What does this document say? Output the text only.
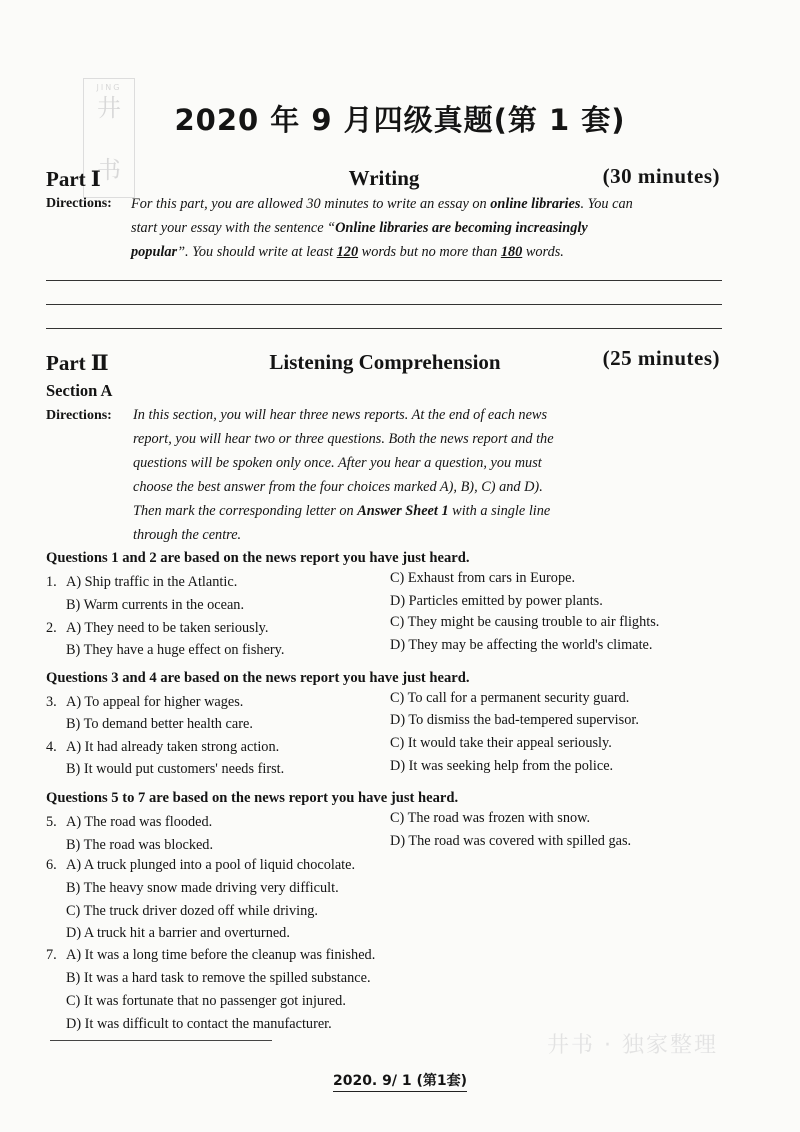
JING
井
书
2020 年 9 月四级真题(第 1 套)
Part Ⅰ	Writing	(30 minutes)
Directions: For this part, you are allowed 30 minutes to write an essay on online libraries. You can
start your essay with the sentence “Online libraries are becoming increasingly
popular”. You should write at least 120 words but no more than 180 words.
Part Ⅱ	Listening Comprehension	(25 minutes)
Section A
Directions: In this section, you will hear three news reports. At the end of each news
report, you will hear two or three questions. Both the news report and the
questions will be spoken only once. After you hear a question, you must
choose the best answer from the four choices marked A), B), C) and D).
Then mark the corresponding letter on Answer Sheet 1 with a single line
through the centre.
Questions 1 and 2 are based on the news report you have just heard.
1. A) Ship traffic in the Atlantic.
B) Warm currents in the ocean.
C) Exhaust from cars in Europe.
D) Particles emitted by power plants.
2. A) They need to be taken seriously.
B) They have a huge effect on fishery.
C) They might be causing trouble to air flights.
D) They may be affecting the world's climate.
Questions 3 and 4 are based on the news report you have just heard.
3. A) To appeal for higher wages.
B) To demand better health care.
C) To call for a permanent security guard.
D) To dismiss the bad-tempered supervisor.
4. A) It had already taken strong action.
B) It would put customers' needs first.
C) It would take their appeal seriously.
D) It was seeking help from the police.
Questions 5 to 7 are based on the news report you have just heard.
5. A) The road was flooded.
B) The road was blocked.
C) The road was frozen with snow.
D) The road was covered with spilled gas.
6. A) A truck plunged into a pool of liquid chocolate.
B) The heavy snow made driving very difficult.
C) The truck driver dozed off while driving.
D) A truck hit a barrier and overturned.
7. A) It was a long time before the cleanup was finished.
B) It was a hard task to remove the spilled substance.
C) It was fortunate that no passenger got injured.
D) It was difficult to contact the manufacturer.
井书 · 独家整理
2020. 9/ 1 (第1套)
